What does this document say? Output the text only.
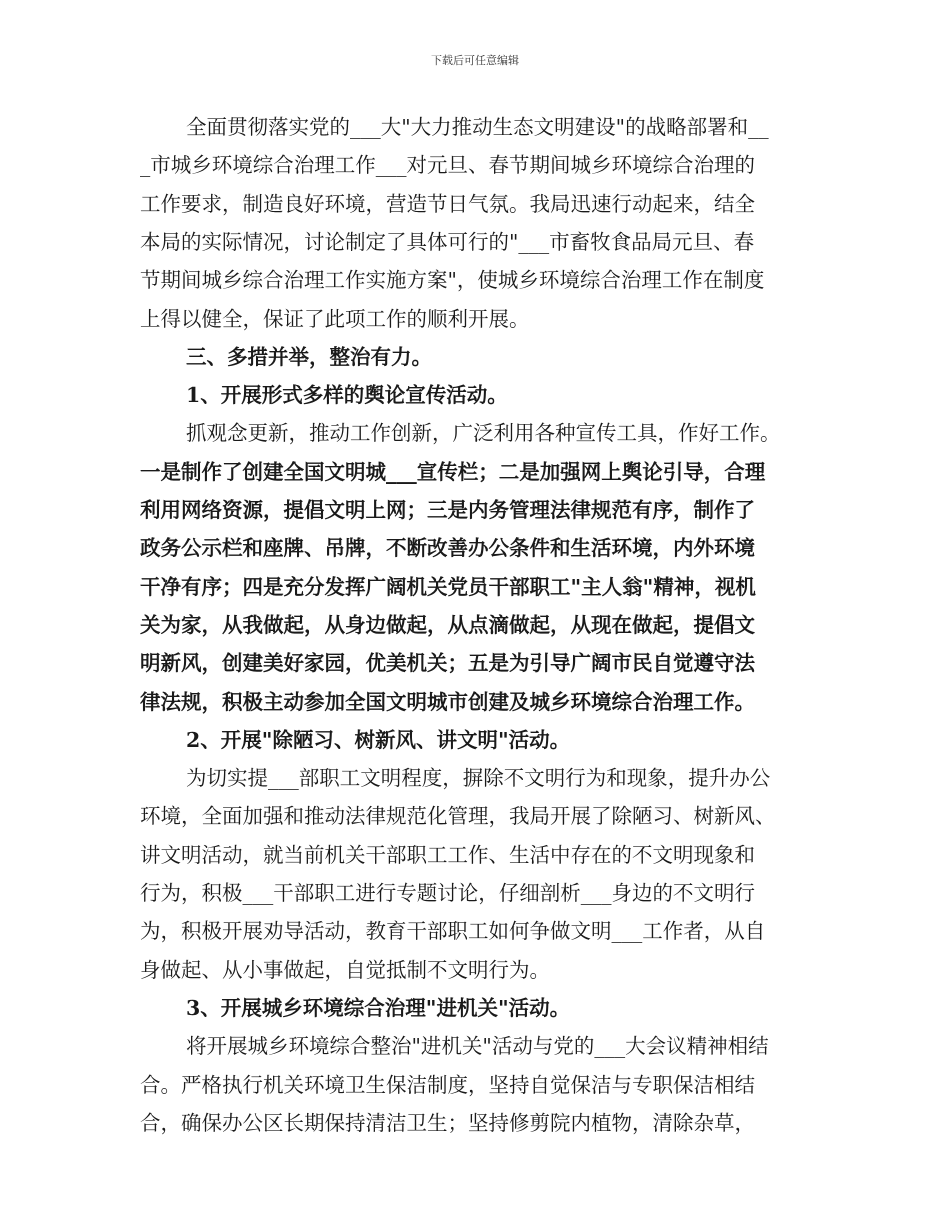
下载后可任意编辑
全面贯彻落实党的___大"大力推动生态文明建设"的战略部署和__
_市城乡环境综合治理工作___对元旦、春节期间城乡环境综合治理的
工作要求，制造良好环境，营造节日气氛。我局迅速行动起来，结全
本局的实际情况，讨论制定了具体可行的"___市畜牧食品局元旦、春
节期间城乡综合治理工作实施方案"，使城乡环境综合治理工作在制度
上得以健全，保证了此项工作的顺利开展。
三、多措并举，整治有力。
1、开展形式多样的舆论宣传活动。
抓观念更新，推动工作创新，广泛利用各种宣传工具，作好工作。
一是制作了创建全国文明城___宣传栏；二是加强网上舆论引导，合理
利用网络资源，提倡文明上网；三是内务管理法律规范有序，制作了
政务公示栏和座牌、吊牌，不断改善办公条件和生活环境，内外环境
干净有序；四是充分发挥广阔机关党员干部职工"主人翁"精神，视机
关为家，从我做起，从身边做起，从点滴做起，从现在做起，提倡文
明新风，创建美好家园，优美机关；五是为引导广阔市民自觉遵守法
律法规，积极主动参加全国文明城市创建及城乡环境综合治理工作。
2、开展"除陋习、树新风、讲文明"活动。
为切实提___部职工文明程度，摒除不文明行为和现象，提升办公
环境，全面加强和推动法律规范化管理，我局开展了除陋习、树新风、
讲文明活动，就当前机关干部职工工作、生活中存在的不文明现象和
行为，积极___干部职工进行专题讨论，仔细剖析___身边的不文明行
为，积极开展劝导活动，教育干部职工如何争做文明___工作者，从自
身做起、从小事做起，自觉抵制不文明行为。
3、开展城乡环境综合治理"进机关"活动。
将开展城乡环境综合整治"进机关"活动与党的___大会议精神相结
合。严格执行机关环境卫生保洁制度，坚持自觉保洁与专职保洁相结
合，确保办公区长期保持清洁卫生；坚持修剪院内植物，清除杂草，
